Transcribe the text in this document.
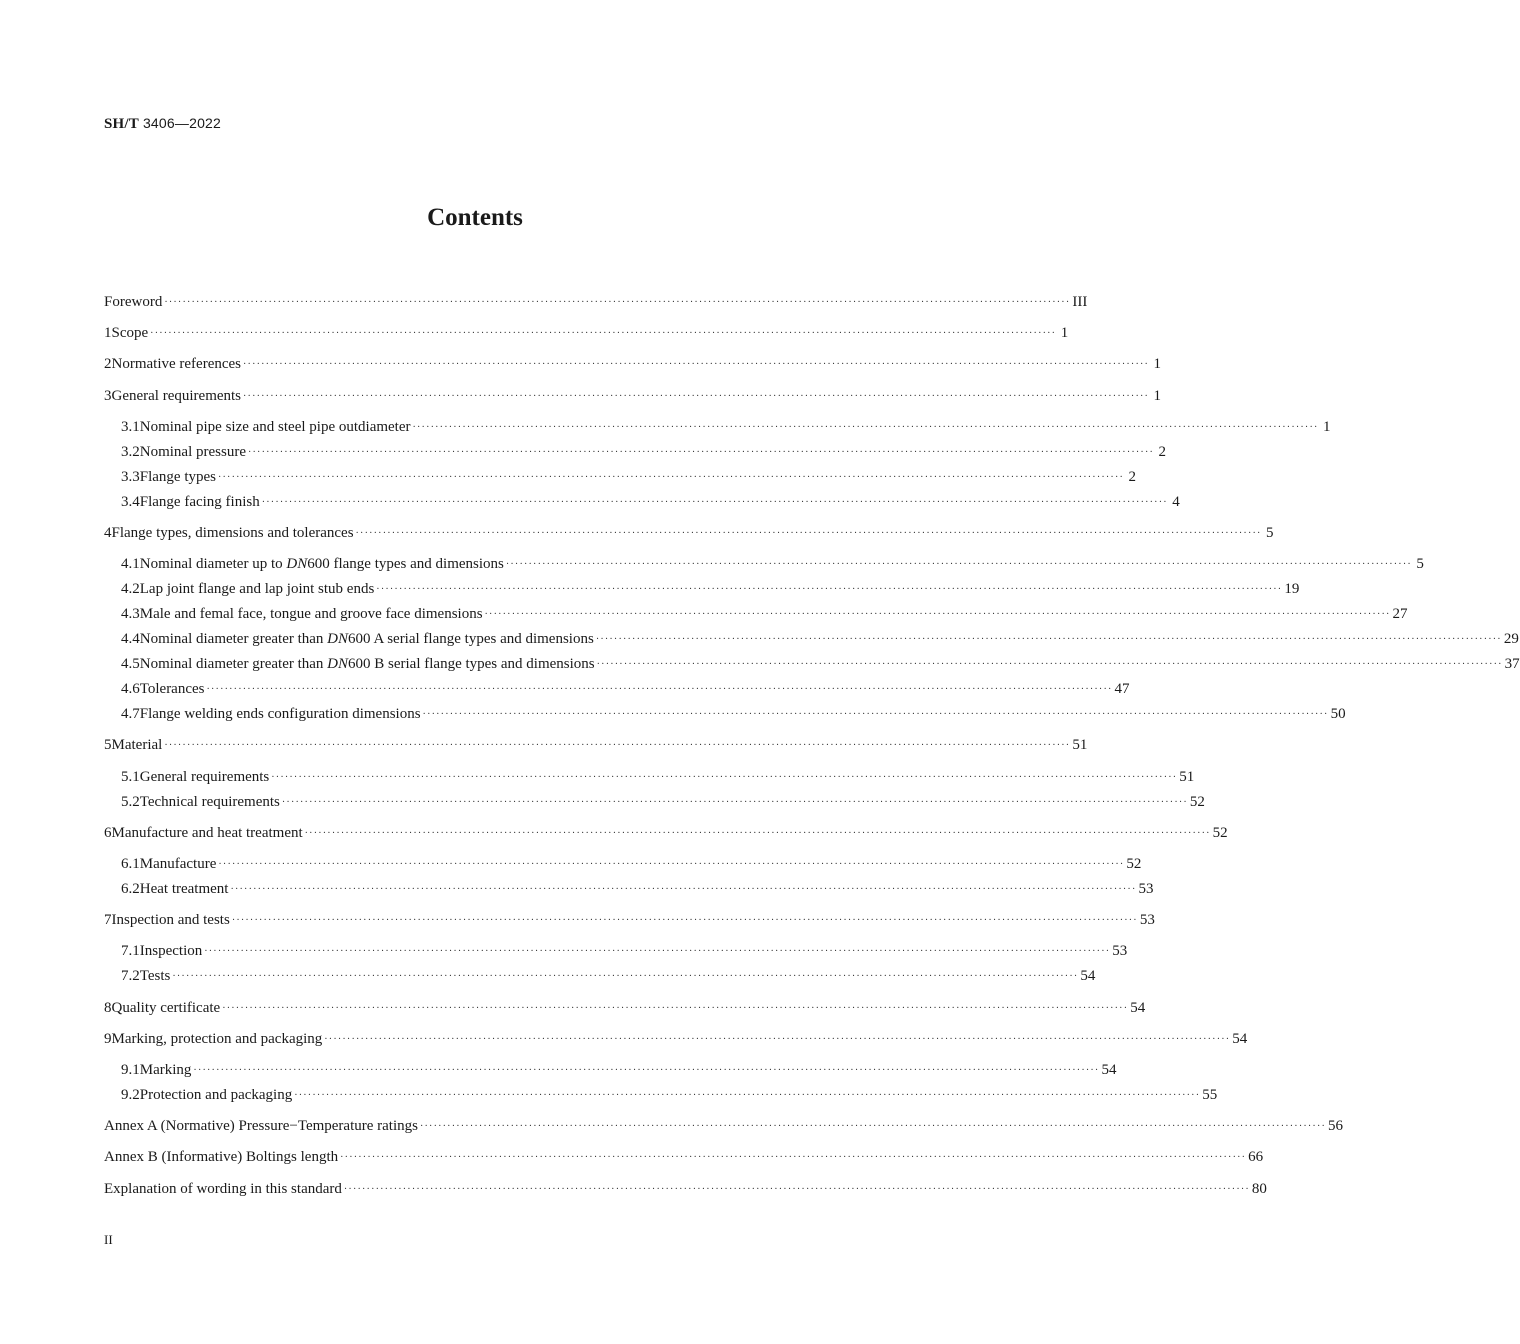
SH/T 3406—2022
Contents
Foreword ········································································································································································································ III
1 Scope ········································································································································································································ 1
2 Normative references ········································································································································································································ 1
3 General requirements ········································································································································································································ 1
3.1 Nominal pipe size and steel pipe outdiameter ········································································································································································································ 1
3.2 Nominal pressure ········································································································································································································ 2
3.3 Flange types ········································································································································································································ 2
3.4 Flange facing finish ········································································································································································································ 4
4 Flange types, dimensions and tolerances ········································································································································································································ 5
4.1 Nominal diameter up to DN600 flange types and dimensions ········································································································································································································ 5
4.2 Lap joint flange and lap joint stub ends ········································································································································································································ 19
4.3 Male and femal face, tongue and groove face dimensions ········································································································································································································ 27
4.4 Nominal diameter greater than DN600 A serial flange types and dimensions ········································································································································································································ 29
4.5 Nominal diameter greater than DN600 B serial flange types and dimensions ········································································································································································································ 37
4.6 Tolerances ········································································································································································································ 47
4.7 Flange welding ends configuration dimensions ········································································································································································································ 50
5 Material ········································································································································································································ 51
5.1 General requirements ········································································································································································································ 51
5.2 Technical requirements ········································································································································································································ 52
6 Manufacture and heat treatment ········································································································································································································ 52
6.1 Manufacture ········································································································································································································ 52
6.2 Heat treatment ········································································································································································································ 53
7 Inspection and tests ········································································································································································································ 53
7.1 Inspection ········································································································································································································ 53
7.2 Tests ········································································································································································································ 54
8 Quality certificate ········································································································································································································ 54
9 Marking, protection and packaging ········································································································································································································ 54
9.1 Marking ········································································································································································································ 54
9.2 Protection and packaging ········································································································································································································ 55
Annex A (Normative) Pressure−Temperature ratings ········································································································································································································ 56
Annex B (Informative) Boltings length ········································································································································································································ 66
Explanation of wording in this standard ········································································································································································································ 80
II
